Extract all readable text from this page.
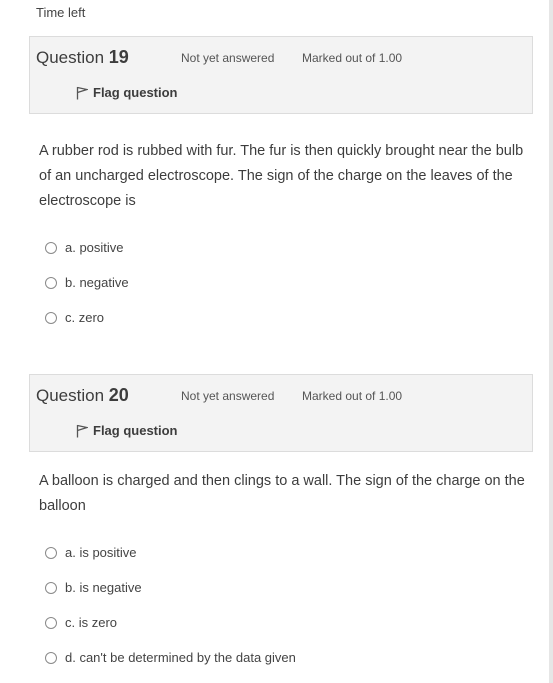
Time left
Question 19	Not yet answered Marked out of 1.00
Flag question
A rubber rod is rubbed with fur. The fur is then quickly brought near the bulb of an uncharged electroscope. The sign of the charge on the leaves of the electroscope is
a. positive
b. negative
c. zero
Question 20	Not yet answered Marked out of 1.00
Flag question
A balloon is charged and then clings to a wall. The sign of the charge on the balloon
a. is positive
b. is negative
c. is zero
d. can't be determined by the data given
